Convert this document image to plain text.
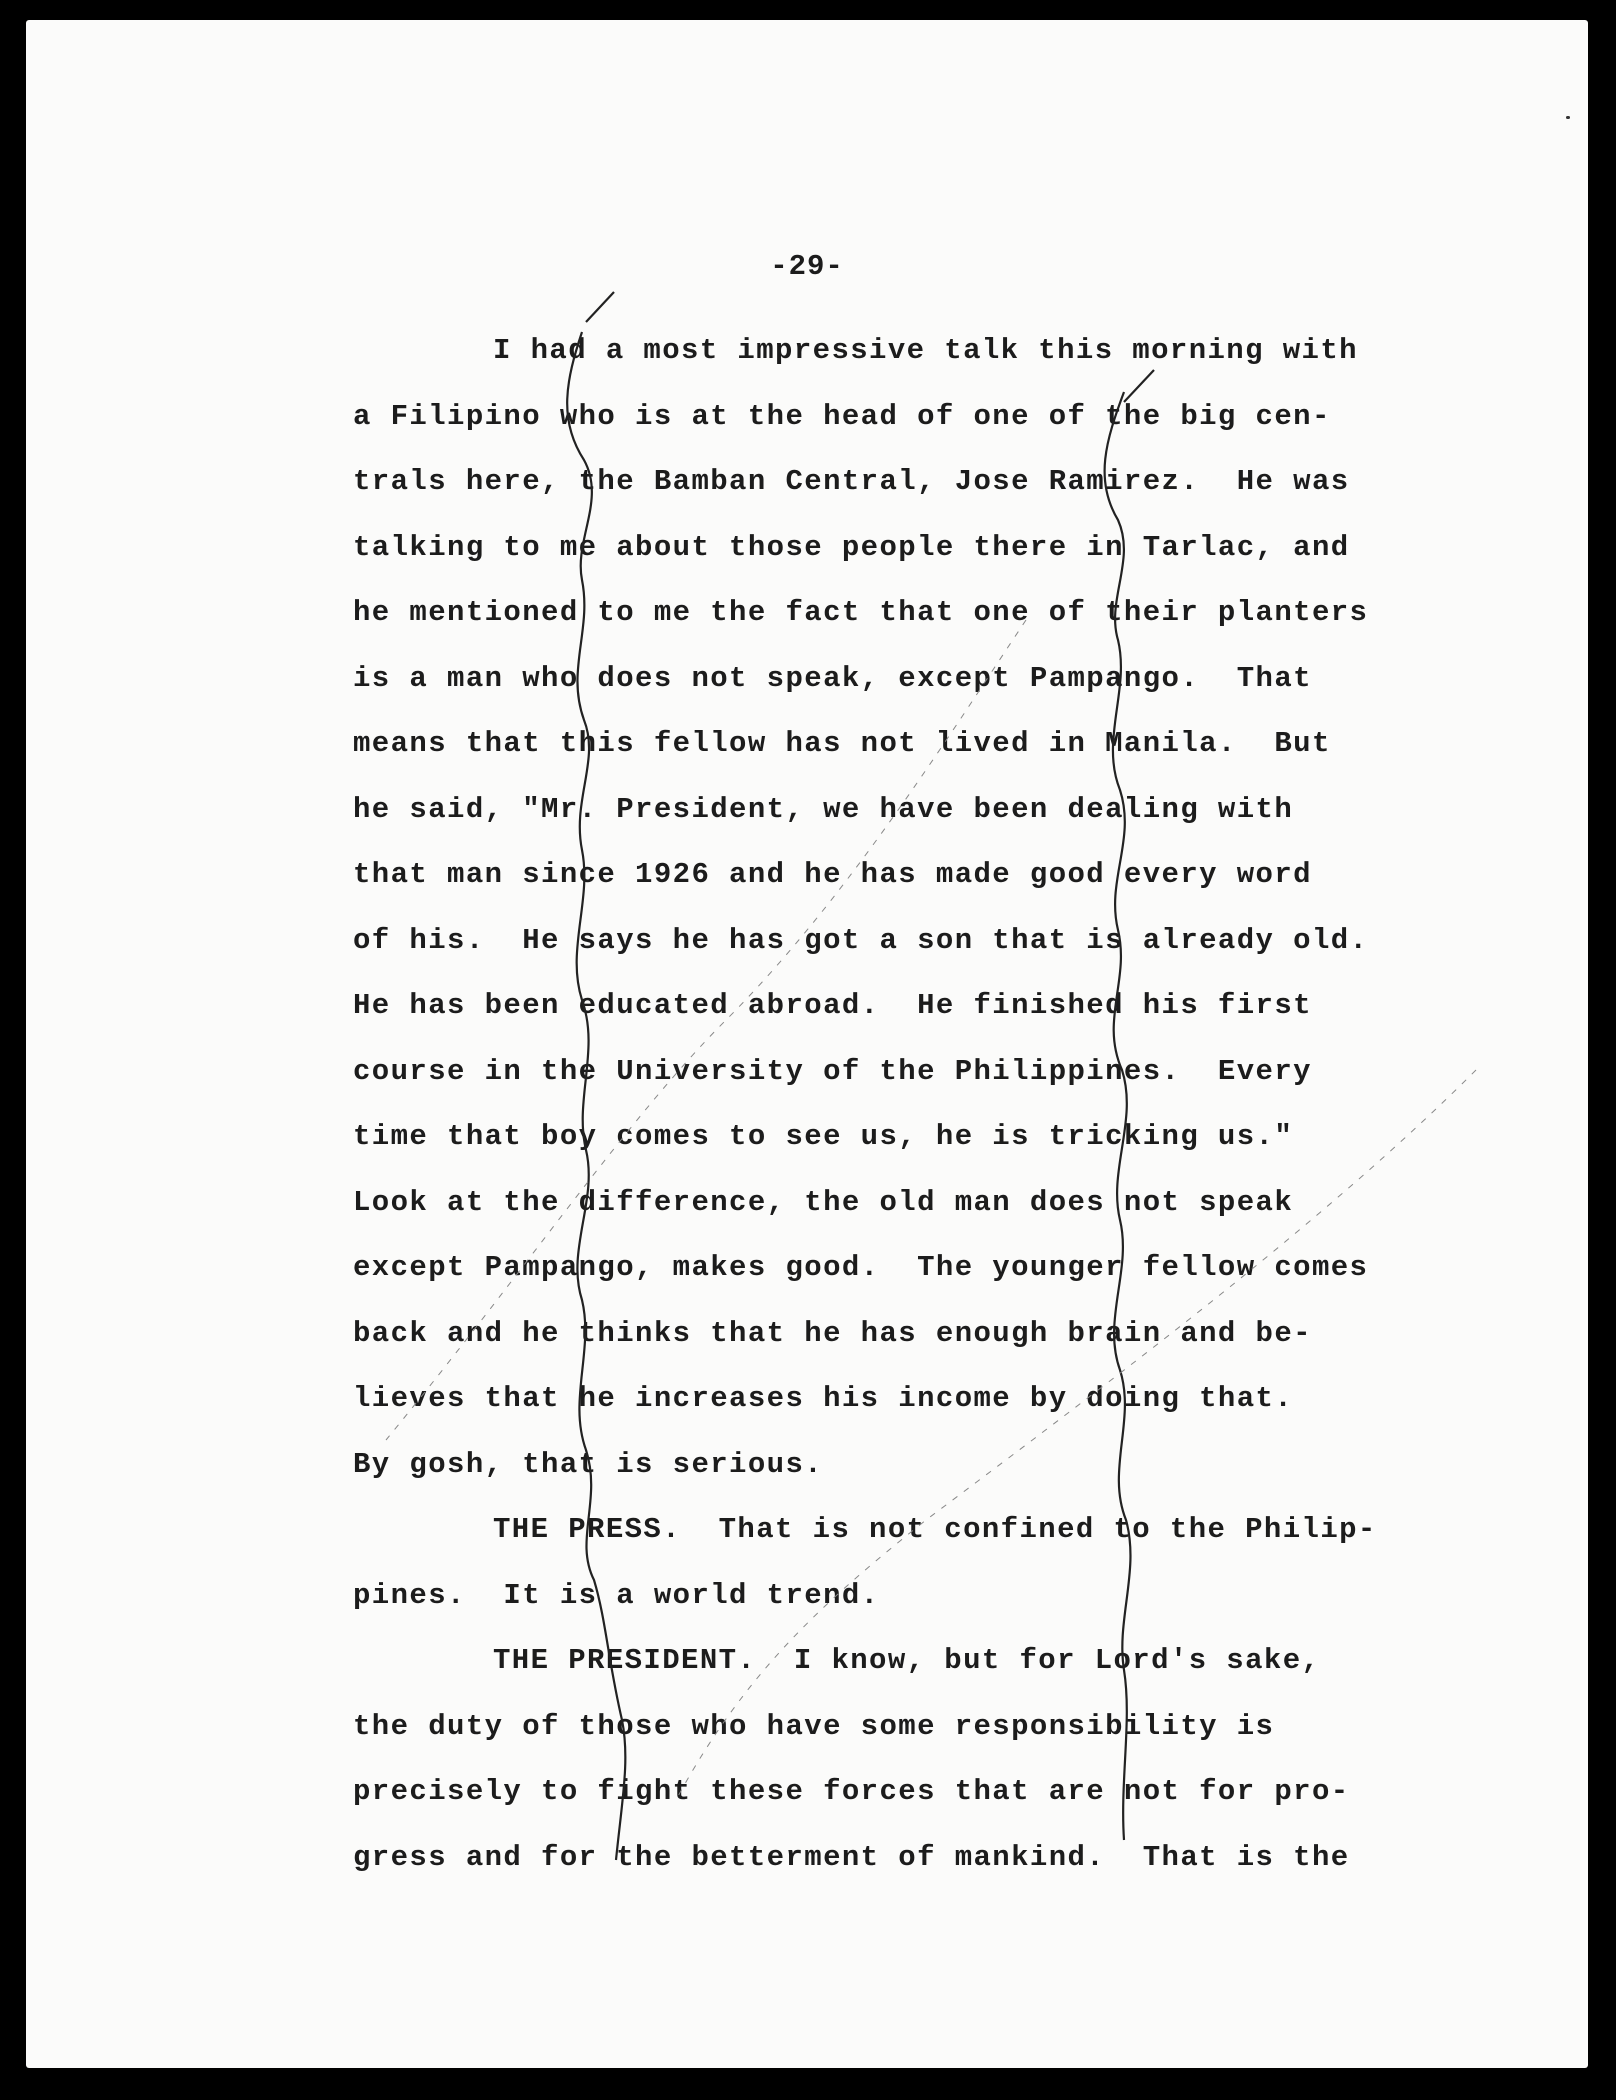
-29-
I had a most impressive talk this morning with
a Filipino who is at the head of one of the big cen-
trals here, the Bamban Central, Jose Ramirez.  He was
talking to me about those people there in Tarlac, and
he mentioned to me the fact that one of their planters
is a man who does not speak, except Pampango.  That
means that this fellow has not lived in Manila.  But
he said, "Mr. President, we have been dealing with
that man since 1926 and he has made good every word
of his.  He says he has got a son that is already old.
He has been educated abroad.  He finished his first
course in the University of the Philippines.  Every
time that boy comes to see us, he is tricking us."
Look at the difference, the old man does not speak
except Pampango, makes good.  The younger fellow comes
back and he thinks that he has enough brain and be-
lieves that he increases his income by doing that.
By gosh, that is serious.
THE PRESS.  That is not confined to the Philip-
pines.  It is a world trend.
THE PRESIDENT.  I know, but for Lord's sake,
the duty of those who have some responsibility is
precisely to fight these forces that are not for pro-
gress and for the betterment of mankind.  That is the
